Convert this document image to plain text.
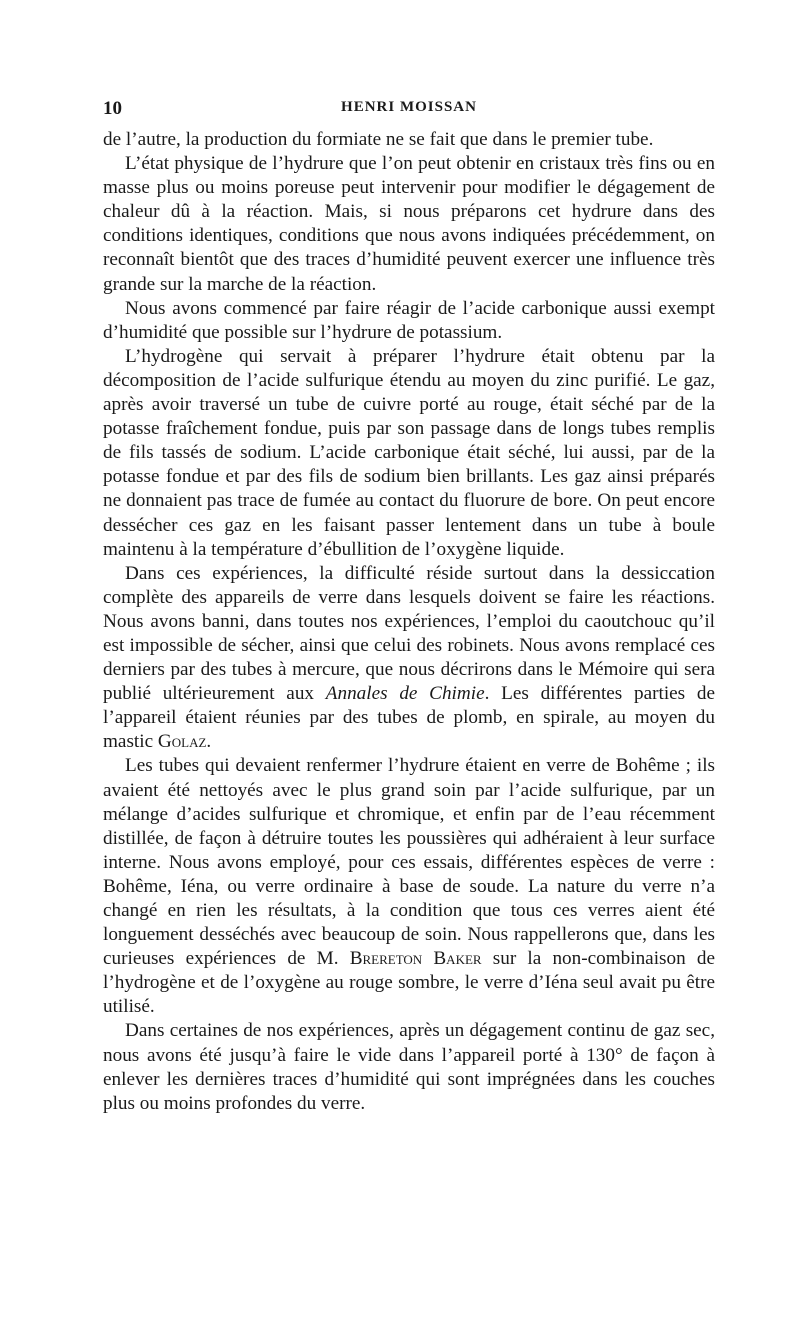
10	HENRI MOISSAN

de l’autre, la production du formiate ne se fait que dans le premier tube.

L’état physique de l’hydrure que l’on peut obtenir en cristaux très fins ou en masse plus ou moins poreuse peut intervenir pour modifier le dégagement de chaleur dû à la réaction. Mais, si nous préparons cet hydrure dans des conditions identiques, conditions que nous avons indiquées précédemment, on reconnaît bientôt que des traces d’humidité peuvent exercer une influence très grande sur la marche de la réaction.

Nous avons commencé par faire réagir de l’acide carbonique aussi exempt d’humidité que possible sur l’hydrure de potassium.

L’hydrogène qui servait à préparer l’hydrure était obtenu par la décomposition de l’acide sulfurique étendu au moyen du zinc purifié. Le gaz, après avoir traversé un tube de cuivre porté au rouge, était séché par de la potasse fraîchement fondue, puis par son passage dans de longs tubes remplis de fils tassés de sodium. L’acide carbonique était séché, lui aussi, par de la potasse fondue et par des fils de sodium bien brillants. Les gaz ainsi préparés ne donnaient pas trace de fumée au contact du fluorure de bore. On peut encore dessécher ces gaz en les faisant passer lentement dans un tube à boule maintenu à la température d’ébullition de l’oxygène liquide.

Dans ces expériences, la difficulté réside surtout dans la dessiccation complète des appareils de verre dans lesquels doivent se faire les réactions. Nous avons banni, dans toutes nos expériences, l’emploi du caoutchouc qu’il est impossible de sécher, ainsi que celui des robinets. Nous avons remplacé ces derniers par des tubes à mercure, que nous décrirons dans le Mémoire qui sera publié ultérieurement aux Annales de Chimie. Les différentes parties de l’appareil étaient réunies par des tubes de plomb, en spirale, au moyen du mastic Golaz.

Les tubes qui devaient renfermer l’hydrure étaient en verre de Bohême ; ils avaient été nettoyés avec le plus grand soin par l’acide sulfurique, par un mélange d’acides sulfurique et chromique, et enfin par de l’eau récemment distillée, de façon à détruire toutes les poussières qui adhéraient à leur surface interne. Nous avons employé, pour ces essais, différentes espèces de verre : Bohême, Iéna, ou verre ordinaire à base de soude. La nature du verre n’a changé en rien les résultats, à la condition que tous ces verres aient été longuement desséchés avec beaucoup de soin. Nous rappellerons que, dans les curieuses expériences de M. Brereton Baker sur la non-combinaison de l’hydrogène et de l’oxygène au rouge sombre, le verre d’Iéna seul avait pu être utilisé.

Dans certaines de nos expériences, après un dégagement continu de gaz sec, nous avons été jusqu’à faire le vide dans l’appareil porté à 130° de façon à enlever les dernières traces d’humidité qui sont imprégnées dans les couches plus ou moins profondes du verre.
